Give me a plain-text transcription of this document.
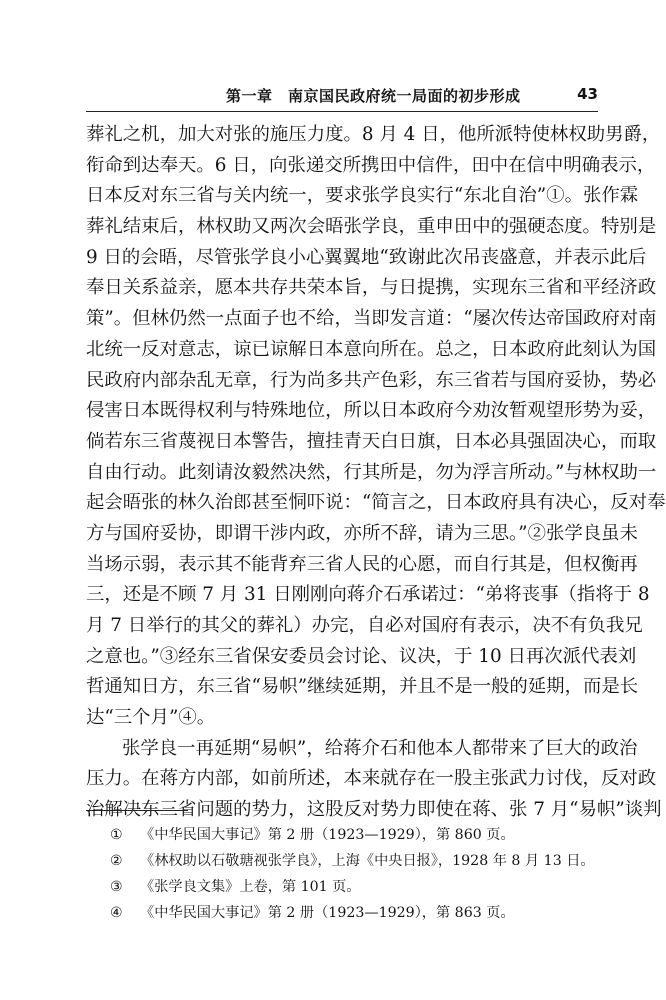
第一章　南京国民政府统一局面的初步形成	43
葬礼之机，加大对张的施压力度。8 月 4 日，他所派特使林权助男爵，
衔命到达奉天。6 日，向张递交所携田中信件，田中在信中明确表示，
日本反对东三省与关内统一，要求张学良实行“东北自治”①。张作霖
葬礼结束后，林权助又两次会晤张学良，重申田中的强硬态度。特别是
9 日的会晤，尽管张学良小心翼翼地“致谢此次吊丧盛意，并表示此后
奉日关系益亲，愿本共存共荣本旨，与日提携，实现东三省和平经济政
策”。但林仍然一点面子也不给，当即发言道：“屡次传达帝国政府对南
北统一反对意志，谅已谅解日本意向所在。总之，日本政府此刻认为国
民政府内部杂乱无章，行为尚多共产色彩，东三省若与国府妥协，势必
侵害日本既得权利与特殊地位，所以日本政府今劝汝暂观望形势为妥，
倘若东三省蔑视日本警告，擅挂青天白日旗，日本必具强固决心，而取
自由行动。此刻请汝毅然决然，行其所是，勿为浮言所动。”与林权助一
起会晤张的林久治郎甚至恫吓说：“简言之，日本政府具有决心，反对奉
方与国府妥协，即谓干涉内政，亦所不辞，请为三思。”②张学良虽未
当场示弱，表示其不能背弃三省人民的心愿，而自行其是，但权衡再
三，还是不顾 7 月 31 日刚刚向蒋介石承诺过：“弟将丧事（指将于 8
月 7 日举行的其父的葬礼）办完，自必对国府有表示，决不有负我兄
之意也。”③经东三省保安委员会讨论、议决，于 10 日再次派代表刘
哲通知日方，东三省“易帜”继续延期，并且不是一般的延期，而是长
达“三个月”④。
张学良一再延期“易帜”，给蒋介石和他本人都带来了巨大的政治
压力。在蒋方内部，如前所述，本来就存在一股主张武力讨伐，反对政
治解决东三省问题的势力，这股反对势力即使在蒋、张 7 月“易帜”谈判
① 《中华民国大事记》第 2 册（1923—1929），第 860 页。
② 《林权助以石敬瑭视张学良》，上海《中央日报》，1928 年 8 月 13 日。
③ 《张学良文集》上卷，第 101 页。
④ 《中华民国大事记》第 2 册（1923—1929），第 863 页。
